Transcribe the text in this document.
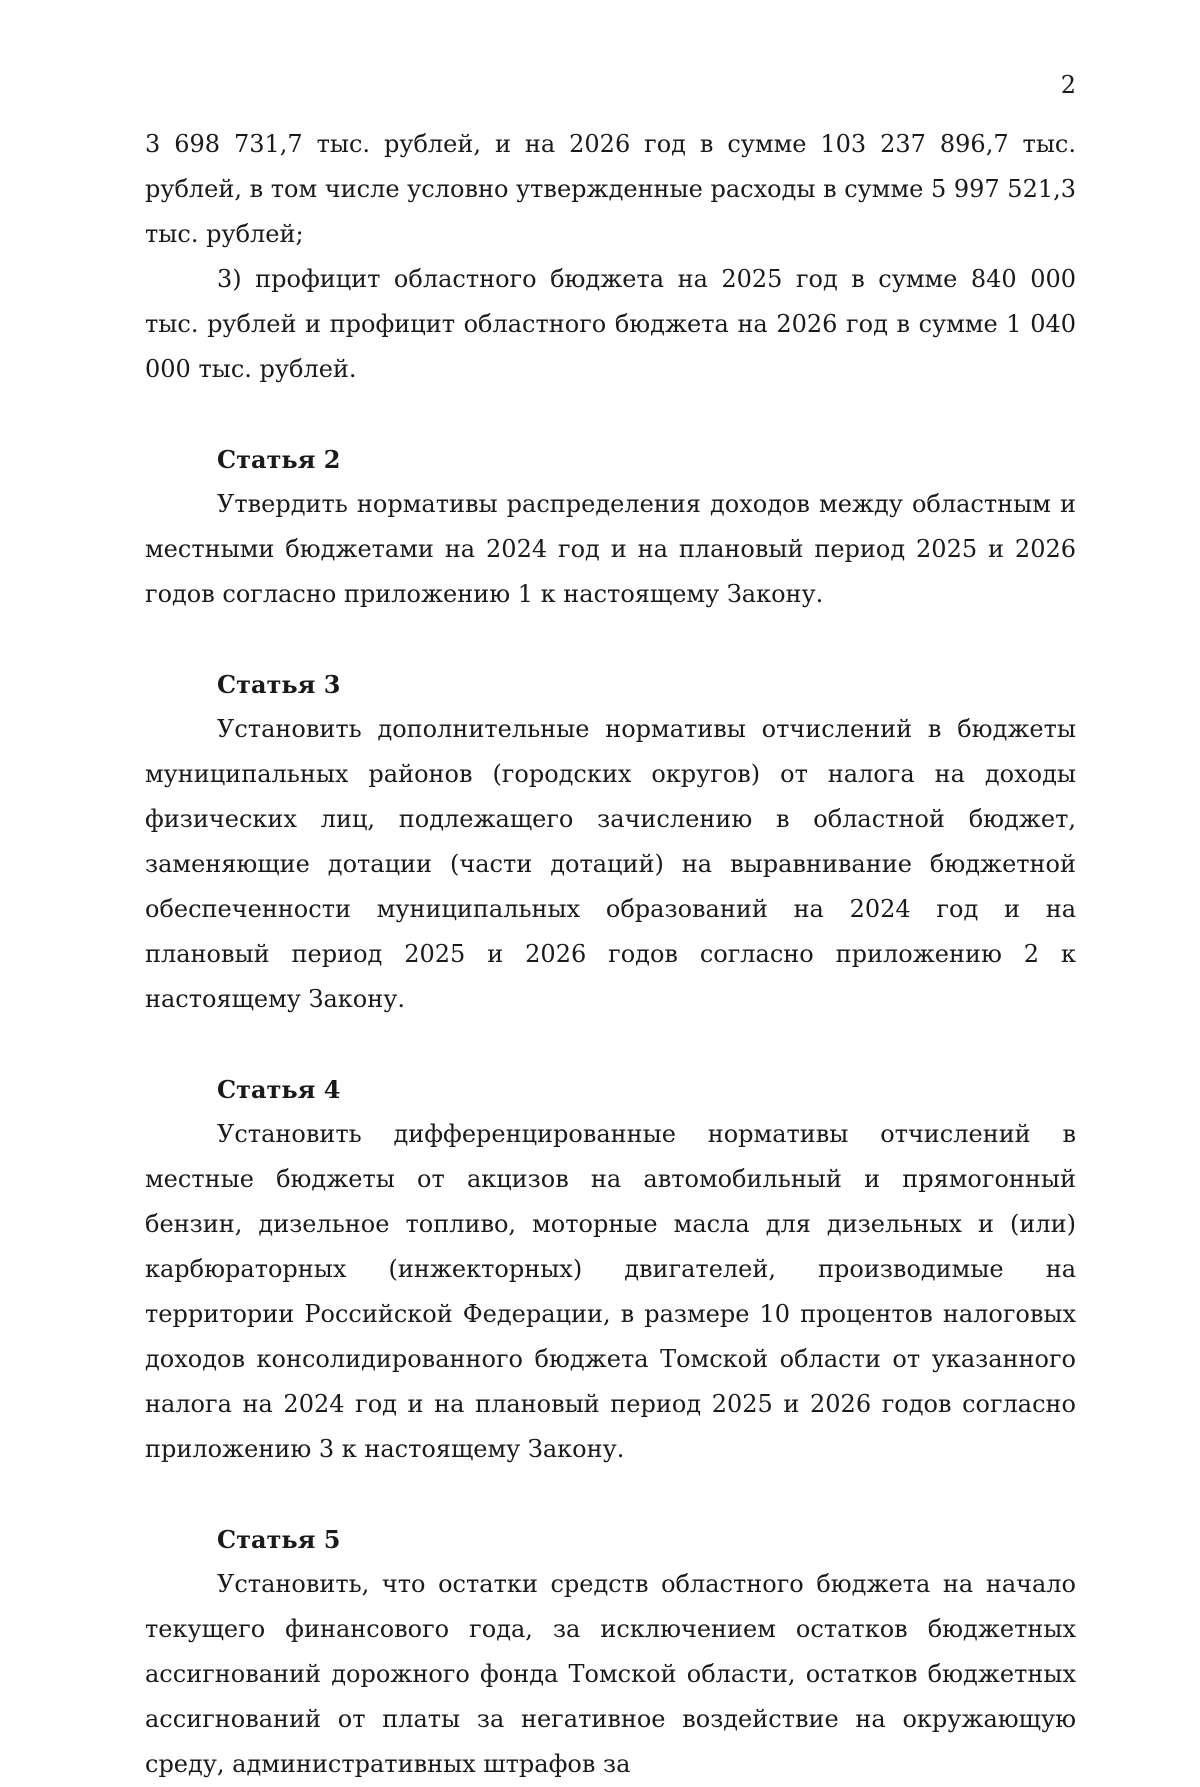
2

3 698 731,7 тыс. рублей, и на 2026 год в сумме 103 237 896,7 тыс. рублей, в том числе условно утвержденные расходы в сумме 5 997 521,3 тыс. рублей;

3) профицит областного бюджета на 2025 год в сумме 840 000 тыс. рублей и профицит областного бюджета на 2026 год в сумме 1 040 000 тыс. рублей.

Статья 2

Утвердить нормативы распределения доходов между областным и местными бюджетами на 2024 год и на плановый период 2025 и 2026 годов согласно приложению 1 к настоящему Закону.

Статья 3

Установить дополнительные нормативы отчислений в бюджеты муниципальных районов (городских округов) от налога на доходы физических лиц, подлежащего зачислению в областной бюджет, заменяющие дотации (части дотаций) на выравнивание бюджетной обеспеченности муниципальных образований на 2024 год и на плановый период 2025 и 2026 годов согласно приложению 2 к настоящему Закону.

Статья 4

Установить дифференцированные нормативы отчислений в местные бюджеты от акцизов на автомобильный и прямогонный бензин, дизельное топливо, моторные масла для дизельных и (или) карбюраторных (инжекторных) двигателей, производимые на территории Российской Федерации, в размере 10 процентов налоговых доходов консолидированного бюджета Томской области от указанного налога на 2024 год и на плановый период 2025 и 2026 годов согласно приложению 3 к настоящему Закону.

Статья 5

Установить, что остатки средств областного бюджета на начало текущего финансового года, за исключением остатков бюджетных ассигнований дорожного фонда Томской области, остатков бюджетных ассигнований от платы за негативное воздействие на окружающую среду, административных штрафов за
